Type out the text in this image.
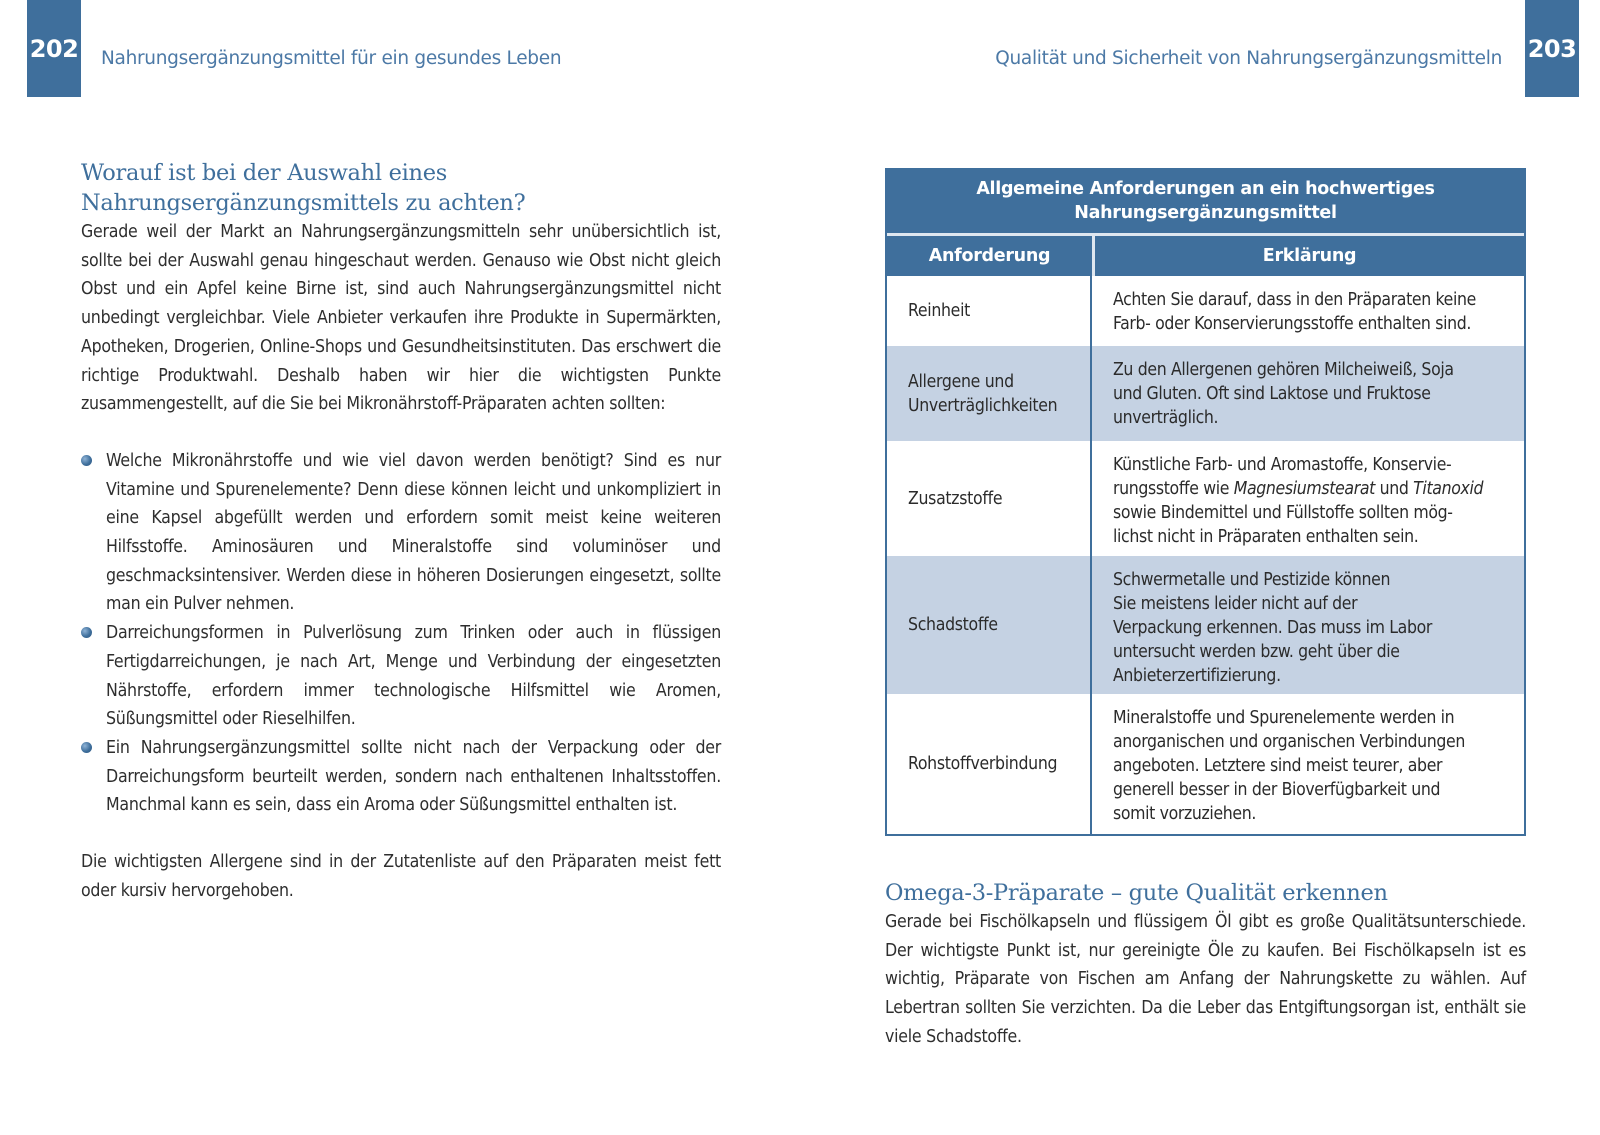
202 Nahrungsergänzungsmittel für ein gesundes Leben	Qualität und Sicherheit von Nahrungsergänzungsmitteln 203
Worauf ist bei der Auswahl eines
Nahrungsergänzungsmittels zu achten?

Gerade weil der Markt an Nahrungsergänzungsmitteln sehr unübersichtlich ist, sollte bei der Auswahl genau hingeschaut werden. Genauso wie Obst nicht gleich Obst und ein Apfel keine Birne ist, sind auch Nahrungsergänzungsmittel nicht unbedingt vergleichbar. Viele Anbieter verkaufen ihre Produkte in Supermärkten, Apotheken, Drogerien, Online-Shops und Gesundheitsinstituten. Das erschwert die richtige Produktwahl. Deshalb haben wir hier die wichtigsten Punkte zusammengestellt, auf die Sie bei Mikronährstoff-Präparaten achten sollten:

Welche Mikronährstoffe und wie viel davon werden benötigt? Sind es nur Vitamine und Spurenelemente? Denn diese können leicht und unkompliziert in eine Kapsel abgefüllt werden und erfordern somit meist keine weiteren Hilfsstoffe. Aminosäuren und Mineralstoffe sind voluminöser und geschmacksintensiver. Werden diese in höheren Dosierungen eingesetzt, sollte man ein Pulver nehmen.
Darreichungsformen in Pulverlösung zum Trinken oder auch in flüssigen Fertigdarreichungen, je nach Art, Menge und Verbindung der eingesetzten Nährstoffe, erfordern immer technologische Hilfsmittel wie Aromen, Süßungsmittel oder Rieselhilfen.
Ein Nahrungsergänzungsmittel sollte nicht nach der Verpackung oder der Darreichungsform beurteilt werden, sondern nach enthaltenen Inhaltsstoffen. Manchmal kann es sein, dass ein Aroma oder Süßungsmittel enthalten ist.

Die wichtigsten Allergene sind in der Zutatenliste auf den Präparaten meist fett oder kursiv hervorgehoben.

Allgemeine Anforderungen an ein hochwertiges
Nahrungsergänzungsmittel
Anforderung	Erklärung
Reinheit
Achten Sie darauf, dass in den Präparaten keine
Farb- oder Konservierungsstoffe enthalten sind.
Allergene und
Unverträglichkeiten
Zu den Allergenen gehören Milcheiweiß, Soja
und Gluten. Oft sind Laktose und Fruktose
unverträglich.
Zusatzstoffe
Künstliche Farb- und Aromastoffe, Konservie-
rungsstoffe wie Magnesiumstearat und Titanoxid
sowie Bindemittel und Füllstoffe sollten mög-
lichst nicht in Präparaten enthalten sein.
Schadstoffe
Schwermetalle und Pestizide können
Sie meistens leider nicht auf der
Verpackung erkennen. Das muss im Labor
untersucht werden bzw. geht über die
Anbieterzertifizierung.
Rohstoffverbindung
Mineralstoffe und Spurenelemente werden in
anorganischen und organischen Verbindungen
angeboten. Letztere sind meist teurer, aber
generell besser in der Bioverfügbarkeit und
somit vorzuziehen.
Omega-3-Präparate – gute Qualität erkennen

Gerade bei Fischölkapseln und flüssigem Öl gibt es große Qualitätsunterschiede. Der wichtigste Punkt ist, nur gereinigte Öle zu kaufen. Bei Fischölkapseln ist es wichtig, Präparate von Fischen am Anfang der Nahrungskette zu wählen. Auf Lebertran sollten Sie verzichten. Da die Leber das Entgiftungsorgan ist, enthält sie viele Schadstoffe.
